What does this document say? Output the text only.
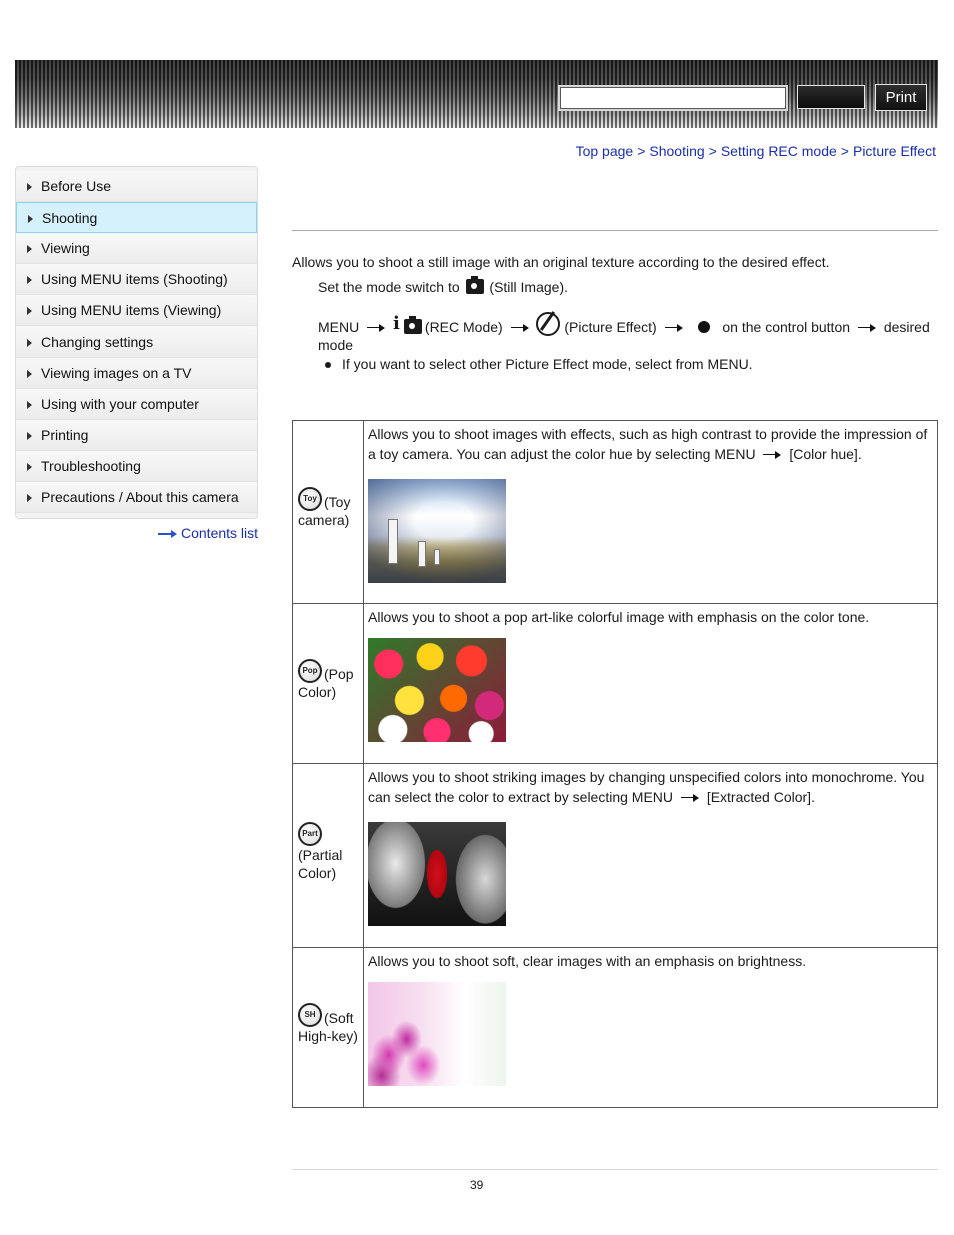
Print
Top page > Shooting > Setting REC mode > Picture Effect
Before Use
Shooting
Viewing
Using MENU items (Shooting)
Using MENU items (Viewing)
Changing settings
Viewing images on a TV
Using with your computer
Printing
Troubleshooting
Precautions / About this camera
Contents list
Allows you to shoot a still image with an original texture according to the desired effect.
Set the mode switch to (Still Image).
MENU i (REC Mode)	(Picture Effect)	on the control button desired
mode
If you want to select other Picture Effect mode, select from MENU.
Toy (Toy
camera)
Allows you to shoot images with effects, such as high contrast to provide the impression of a toy camera. You can adjust the color hue by selecting MENU [Color hue].
Pop (Pop
Color)
Allows you to shoot a pop art-like colorful image with emphasis on the color tone.
Part
(Partial
Color)
Allows you to shoot striking images by changing unspecified colors into monochrome. You can select the color to extract by selecting MENU [Extracted Color].
SH (Soft
High-key)
Allows you to shoot soft, clear images with an emphasis on brightness.
39
